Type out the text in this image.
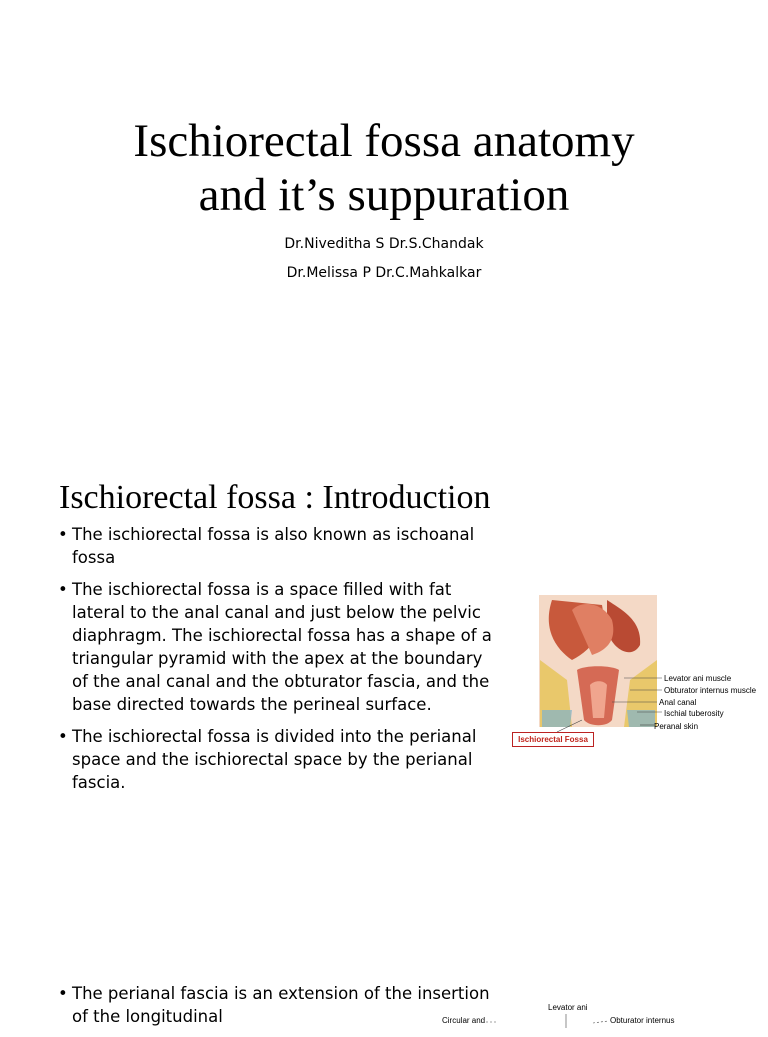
Ischiorectal fossa anatomy
and it’s suppuration
Dr.Niveditha S Dr.S.Chandak
Dr.Melissa P Dr.C.Mahkalkar
Ischiorectal fossa : Introduction
• The ischiorectal fossa is also known as ischoanal fossa
• The ischiorectal fossa is a space filled with fat lateral to the anal canal and just below the pelvic diaphragm. The ischiorectal fossa has a shape of a triangular pyramid with the apex at the boundary of the anal canal and the obturator fascia, and the base directed towards the perineal surface.
• The ischiorectal fossa is divided into the perianal space and the ischiorectal space by the perianal fascia.
• The perianal fascia is an extension of the insertion of the longitudinal
Levator ani muscle
Obturator internus muscle
Anal canal
Ischial tuberosity
Peranal skin
Ischiorectal Fossa
Levator ani
Obturator internus
Circular and
